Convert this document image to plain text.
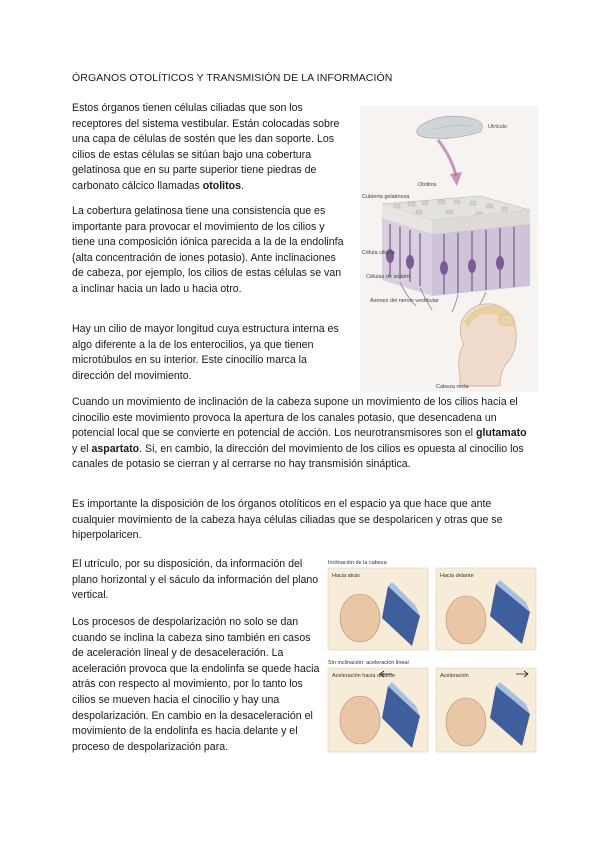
ÓRGANOS OTOLÍTICOS Y TRANSMISIÓN DE LA INFORMACIÓN

Estos órganos tienen células ciliadas que son los receptores del sistema vestibular. Están colocadas sobre una capa de células de sostén que les dan soporte. Los cilios de estas células se sitúan bajo una cobertura gelatinosa que en su parte superior tiene piedras de carbonato cálcico llamadas otolitos.

La cobertura gelatinosa tiene una consistencia que es importante para provocar el movimiento de los cilios y tiene una composición iónica parecida a la de la endolinfa (alta concentración de iones potasio). Ante inclinaciones de cabeza, por ejemplo, los cilios de estas células se van a inclinar hacia un lado u hacia otro.

Hay un cilio de mayor longitud cuya estructura interna es algo diferente a la de los enterocilios, ya que tienen microtúbulos en su interior. Este cinocilio marca la dirección del movimiento.

Cuando un movimiento de inclinación de la cabeza supone un movimiento de los cilios hacia el cinocilio este movimiento provoca la apertura de los canales potasio, que desencadena un potencial local que se convierte en potencial de acción. Los neurotransmisores son el glutamato y el aspartato. Si, en cambio, la dirección del movimiento de los cilios es opuesta al cinocilio los canales de potasio se cierran y al cerrarse no hay transmisión sináptica.

Es importante la disposición de los órganos otolíticos en el espacio ya que hace que ante cualquier movimiento de la cabeza haya células ciliadas que se despolaricen y otras que se hiperpolaricen.

El utrículo, por su disposición, da información del plano horizontal y el sáculo da información del plano vertical.

Los procesos de despolarización no solo se dan cuando se inclina la cabeza sino también en casos de aceleración lineal y de desaceleración. La aceleración provoca que la endolinfa se quede hacia atrás con respecto al movimiento, por lo tanto los cilios se mueven hacia el cinocilio y hay una despolarización. En cambio en la desaceleración el movimiento de la endolinfa es hacia delante y el proceso de despolarización para.

Utrículo
Otolitos
Cubierta gelatinosa
Célula ciliada
Células de sostén
Axones del nervio vestibular
Cabeza recta
Inclinación de la cabeza
Hacia atrás	Hacia delante
Sin inclinación: aceleración lineal
Aceleración hacia delante	Aceleración
